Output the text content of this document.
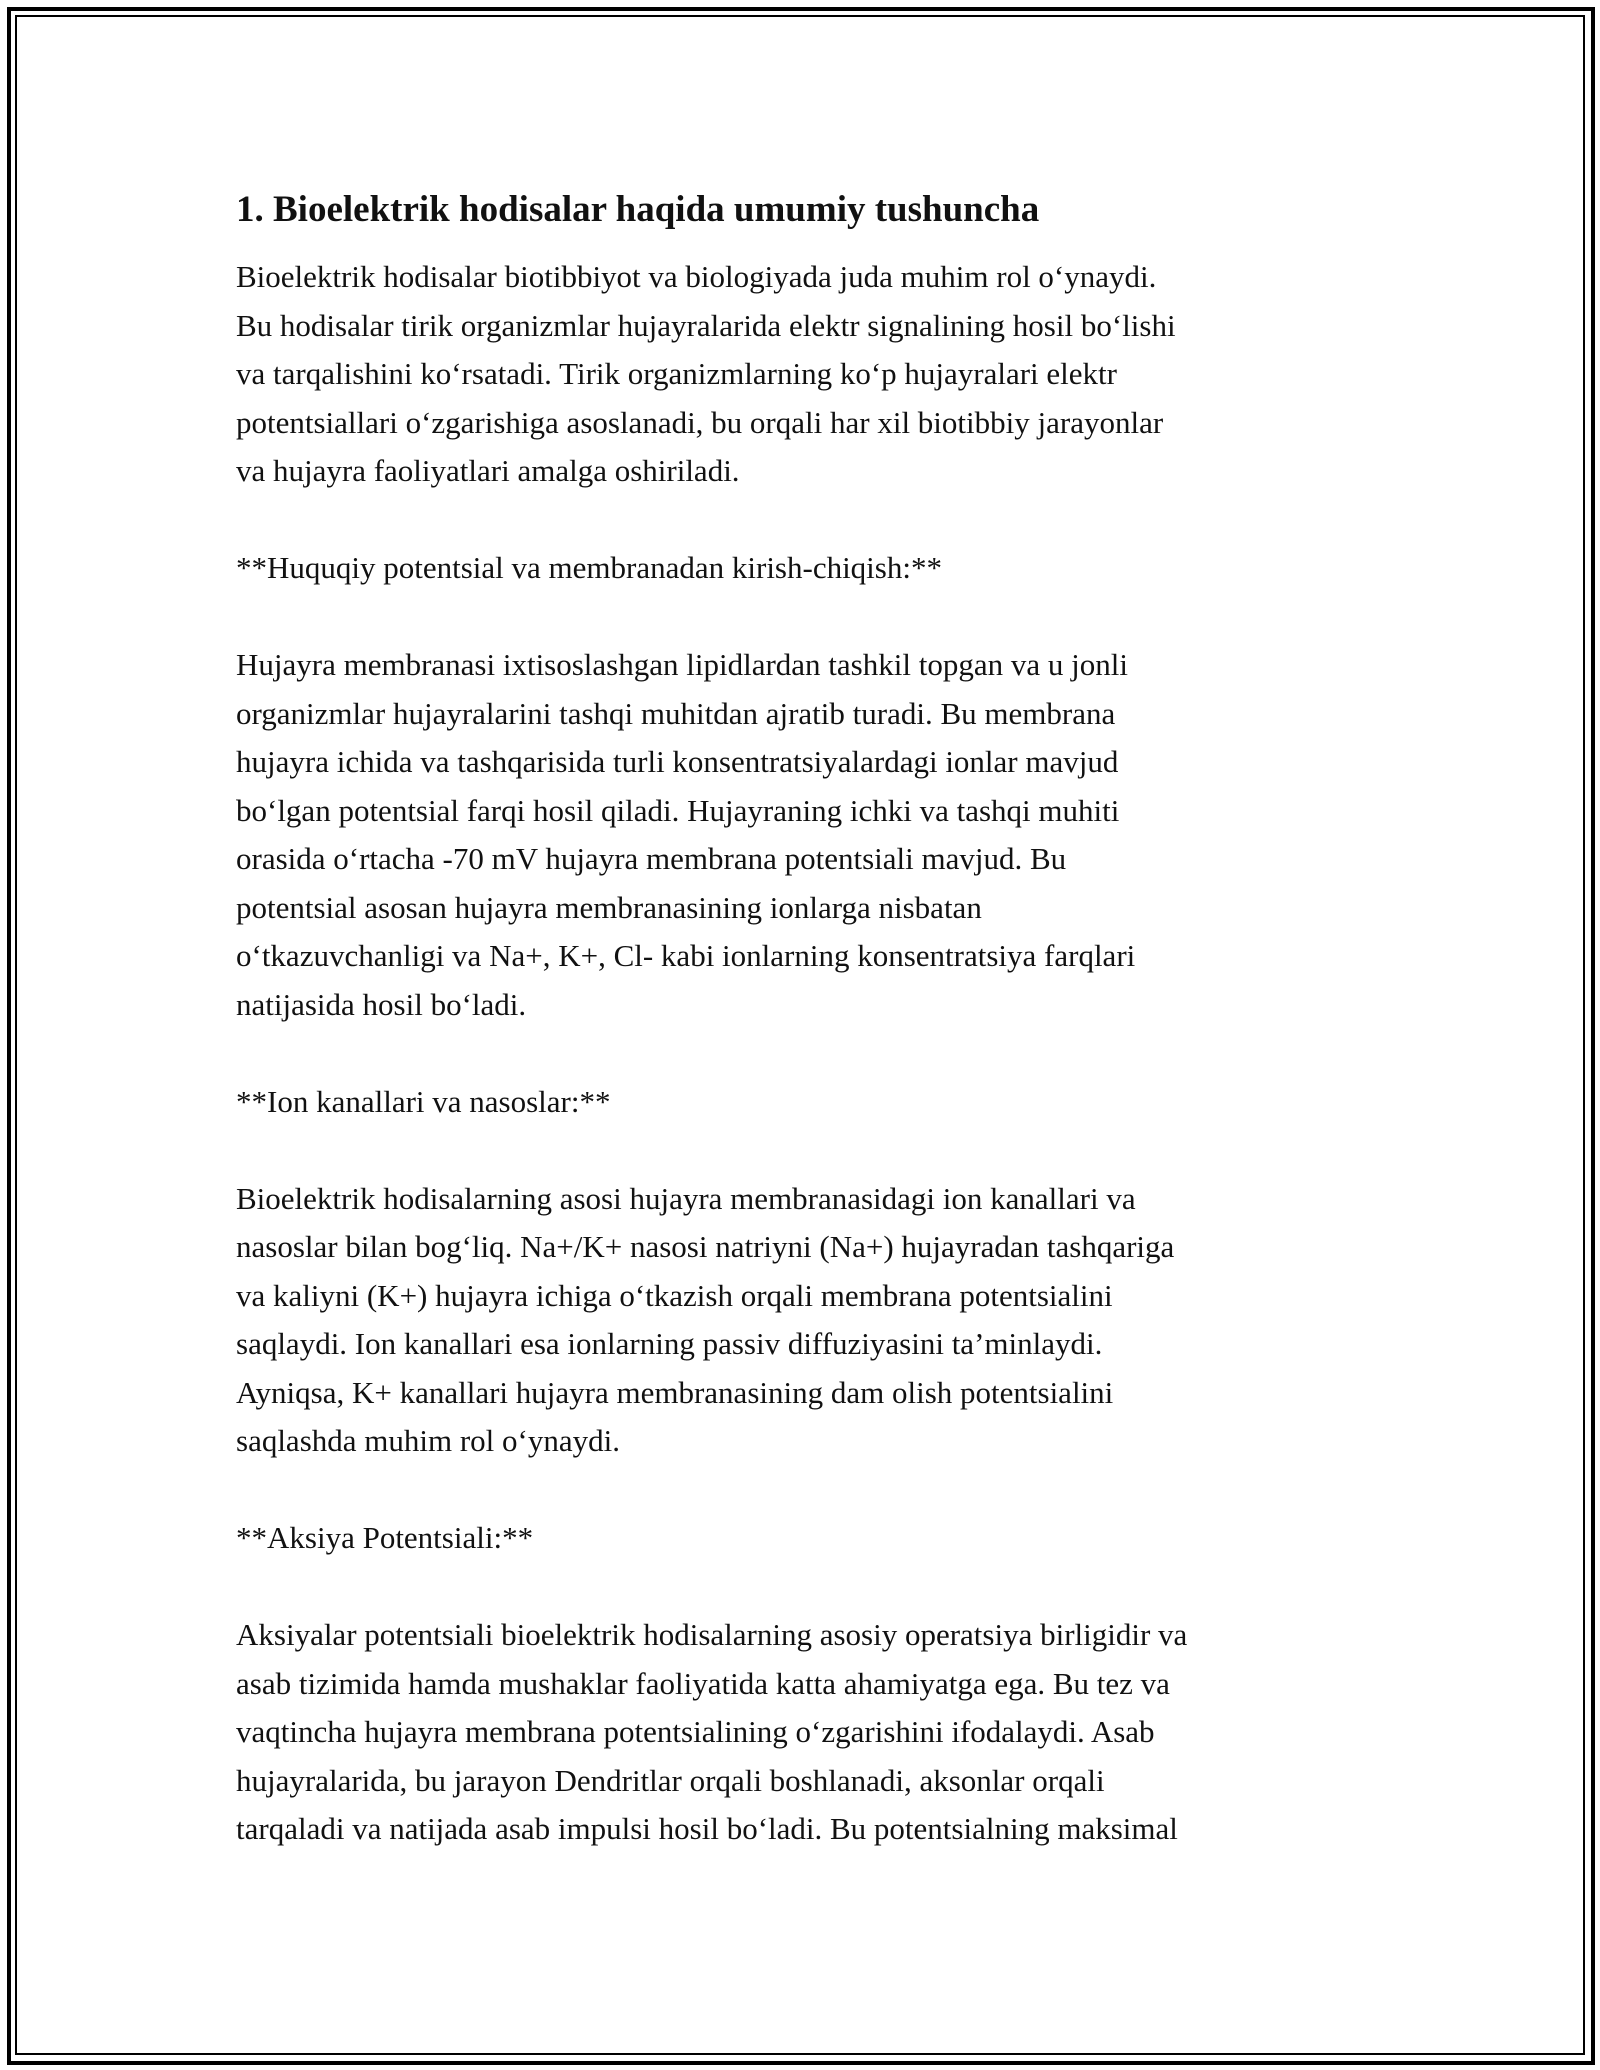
1. Bioelektrik hodisalar haqida umumiy tushuncha

Bioelektrik hodisalar biotibbiyot va biologiyada juda muhim rol o‘ynaydi.
Bu hodisalar tirik organizmlar hujayralarida elektr signalining hosil bo‘lishi
va tarqalishini ko‘rsatadi. Tirik organizmlarning ko‘p hujayralari elektr
potentsiallari o‘zgarishiga asoslanadi, bu orqali har xil biotibbiy jarayonlar
va hujayra faoliyatlari amalga oshiriladi.

**Huquqiy potentsial va membranadan kirish-chiqish:**

Hujayra membranasi ixtisoslashgan lipidlardan tashkil topgan va u jonli
organizmlar hujayralarini tashqi muhitdan ajratib turadi. Bu membrana
hujayra ichida va tashqarisida turli konsentratsiyalardagi ionlar mavjud
bo‘lgan potentsial farqi hosil qiladi. Hujayraning ichki va tashqi muhiti
orasida o‘rtacha -70 mV hujayra membrana potentsiali mavjud. Bu
potentsial asosan hujayra membranasining ionlarga nisbatan
o‘tkazuvchanligi va Na+, K+, Cl- kabi ionlarning konsentratsiya farqlari
natijasida hosil bo‘ladi.

**Ion kanallari va nasoslar:**

Bioelektrik hodisalarning asosi hujayra membranasidagi ion kanallari va
nasoslar bilan bog‘liq. Na+/K+ nasosi natriyni (Na+) hujayradan tashqariga
va kaliyni (K+) hujayra ichiga o‘tkazish orqali membrana potentsialini
saqlaydi. Ion kanallari esa ionlarning passiv diffuziyasini ta’minlaydi.
Ayniqsa, K+ kanallari hujayra membranasining dam olish potentsialini
saqlashda muhim rol o‘ynaydi.

**Aksiya Potentsiali:**

Aksiyalar potentsiali bioelektrik hodisalarning asosiy operatsiya birligidir va
asab tizimida hamda mushaklar faoliyatida katta ahamiyatga ega. Bu tez va
vaqtincha hujayra membrana potentsialining o‘zgarishini ifodalaydi. Asab
hujayralarida, bu jarayon Dendritlar orqali boshlanadi, aksonlar orqali
tarqaladi va natijada asab impulsi hosil bo‘ladi. Bu potentsialning maksimal
